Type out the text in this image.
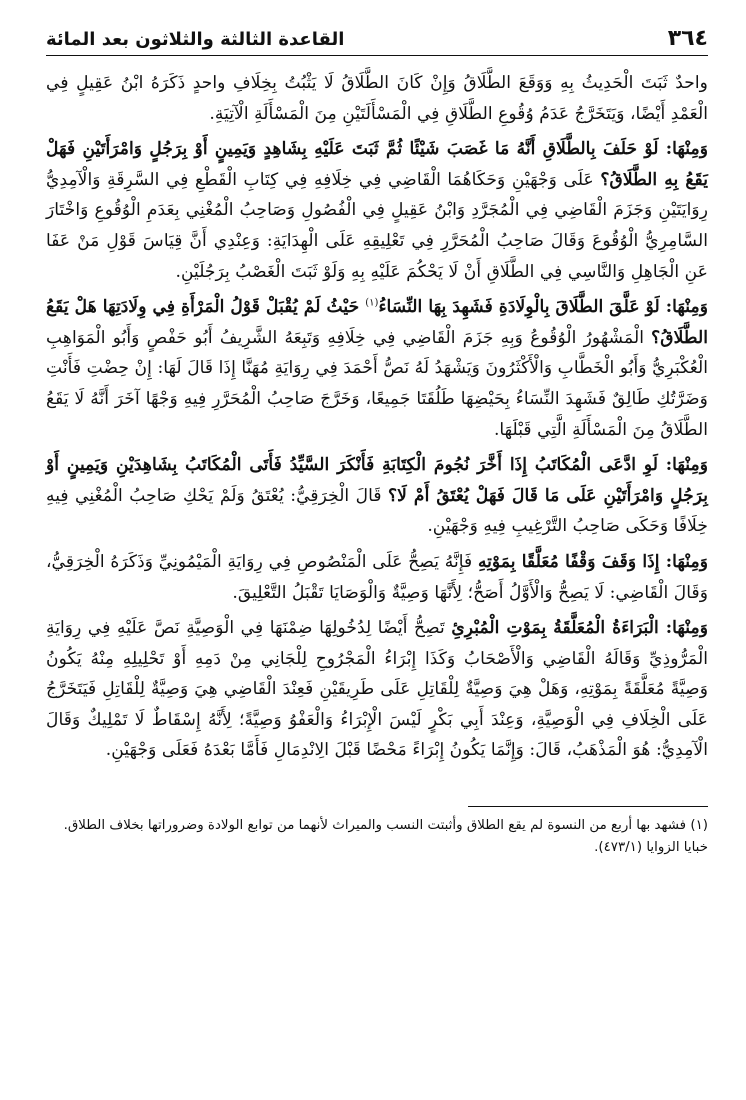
٣٦٤
القاعدة الثالثة والثلاثون بعد المائة

واحدٌ ثَبَتَ الْحَدِيثُ بِهِ وَوَقَعَ الطَّلَاقُ وَإِنْ كَانَ الطَّلَاقُ لَا يَثْبُتُ بِخِلَافِ واحدٍ ذَكَرَهُ ابْنُ عَقِيلٍ فِي الْعَمْدِ أَيْضًا، وَيَتَخَرَّجُ عَدَمُ وُقُوعِ الطَّلَاقِ فِي الْمَسْأَلَتَيْنِ مِنَ الْمَسْأَلَةِ الْآتِيَةِ.

وَمِنْهَا: لَوْ حَلَفَ بِالطَّلَاقِ أَنَّهُ مَا غَصَبَ شَيْئًا ثُمَّ ثَبَتَ عَلَيْهِ بِشَاهِدٍ وَيَمِينٍ أَوْ بِرَجُلٍ وَامْرَأَتَيْنِ فَهَلْ يَقَعُ بِهِ الطَّلَاقُ؟ عَلَى وَجْهَيْنِ وَحَكَاهُمَا الْقَاضِي فِي خِلَافِهِ فِي كِتَابِ الْقَطْعِ فِي السَّرِقَةِ وَالْآمِدِيُّ رِوَايَتَيْنِ وَجَزَمَ الْقَاضِي فِي الْمُجَرَّدِ وَابْنُ عَقِيلٍ فِي الْفُصُولِ وَصَاحِبُ الْمُغْنِي بِعَدَمِ الْوُقُوعِ وَاخْتَارَ السَّامِرِيُّ الْوُقُوعَ وَقَالَ صَاحِبُ الْمُحَرَّرِ فِي تَعْلِيقِهِ عَلَى الْهِدَايَةِ: وَعِنْدِي أَنَّ قِيَاسَ قَوْلِ مَنْ عَفَا عَنِ الْجَاهِلِ وَالنَّاسِي فِي الطَّلَاقِ أَنْ لَا يَحْكُمَ عَلَيْهِ بِهِ وَلَوْ ثَبَتَ الْغَصْبُ بِرَجُلَيْنِ.

وَمِنْهَا: لَوْ عَلَّقَ الطَّلَاقَ بِالْوِلَادَةِ فَشَهِدَ بِهَا النِّسَاءُ$^{(١)}$ حَيْثُ لَمْ يُقْبَلْ قَوْلُ الْمَرْأَةِ فِي وِلَادَتِهَا هَلْ يَقَعُ الطَّلَاقُ؟ الْمَشْهُورُ الْوُقُوعُ وَبِهِ جَزَمَ الْقَاضِي فِي خِلَافِهِ وَتَبِعَهُ الشَّرِيفُ أَبُو حَفْصٍ وَأَبُو الْمَوَاهِبِ الْعُكْبَرِيُّ وَأَبُو الْخَطَّابِ وَالْأَكْثَرُونَ وَيَشْهَدُ لَهُ نَصُّ أَحْمَدَ فِي رِوَايَةِ مُهَنَّا إِذَا قَالَ لَهَا: إِنْ حِضْتِ فَأَنْتِ وَضَرَّتُكِ طَالِقٌ فَشَهِدَ النِّسَاءُ بِحَيْضِهَا طَلُقَتَا جَمِيعًا، وَخَرَّجَ صَاحِبُ الْمُحَرَّرِ فِيهِ وَجْهًا آخَرَ أَنَّهُ لَا يَقَعُ الطَّلَاقُ مِنَ الْمَسْأَلَةِ الَّتِي قَبْلَهَا.

وَمِنْهَا: لَوِ ادَّعَى الْمُكَاتَبُ إِذَا أَخَّرَ نُجُومَ الْكِتَابَةِ فَأَنْكَرَ السَّيِّدُ فَأَتَى الْمُكَاتَبُ بِشَاهِدَيْنِ وَيَمِينٍ أَوْ بِرَجُلٍ وَامْرَأَتَيْنِ عَلَى مَا قَالَ فَهَلْ يُعْتَقُ أَمْ لَا؟ قَالَ الْخِرَقِيُّ: يُعْتَقُ وَلَمْ يَحْكِ صَاحِبُ الْمُغْنِي فِيهِ خِلَافًا وَحَكَى صَاحِبُ التَّرْغِيبِ فِيهِ وَجْهَيْنِ.

وَمِنْهَا: إِذَا وَقَفَ وَقْفًا مُعَلَّقًا بِمَوْتِهِ فَإِنَّهُ يَصِحُّ عَلَى الْمَنْصُوصِ فِي رِوَايَةِ الْمَيْمُونِيِّ وَذَكَرَهُ الْخِرَقِيُّ، وَقَالَ الْقَاضِي: لَا يَصِحُّ وَالْأَوَّلُ أَصَحُّ؛ لِأَنَّهَا وَصِيَّةٌ وَالْوَصَايَا تَقْبَلُ التَّعْلِيقَ.

وَمِنْهَا: الْبَرَاءَةُ الْمُعَلَّقَةُ بِمَوْتِ الْمُبْرِئِ تَصِحُّ أَيْضًا لِدُخُولِهَا ضِمْنَهَا فِي الْوَصِيَّةِ نَصَّ عَلَيْهِ فِي رِوَايَةِ الْمَرُّوذِيِّ وَقَالَهُ الْقَاضِي وَالْأَصْحَابُ وَكَذَا إِبْرَاءُ الْمَجْرُوحِ لِلْجَانِي مِنْ دَمِهِ أَوْ تَحْلِيلِهِ مِنْهُ يَكُونُ وَصِيَّةً مُعَلَّقَةً بِمَوْتِهِ، وَهَلْ هِيَ وَصِيَّةٌ لِلْقَاتِلِ عَلَى طَرِيقَيْنِ فَعِنْدَ الْقَاضِي هِيَ وَصِيَّةٌ لِلْقَاتِلِ فَيَتَخَرَّجُ عَلَى الْخِلَافِ فِي الْوَصِيَّةِ، وَعِنْدَ أَبِي بَكْرٍ لَيْسَ الْإِبْرَاءُ وَالْعَفْوُ وَصِيَّةً؛ لِأَنَّهُ إِسْقَاطٌ لَا تَمْلِيكٌ وَقَالَ الْآمِدِيُّ: هُوَ الْمَذْهَبُ، قَالَ: وَإِنَّمَا يَكُونُ إِبْرَاءً مَحْضًا قَبْلَ الِانْدِمَالِ فَأَمَّا بَعْدَهُ فَعَلَى وَجْهَيْنِ.

(١) فشهد بها أربع من النسوة لم يقع الطلاق وأثبتت النسب والميراث لأنهما من توابع الولادة وضروراتها بخلاف الطلاق. خبايا الزوايا (٤٧٣/١).
